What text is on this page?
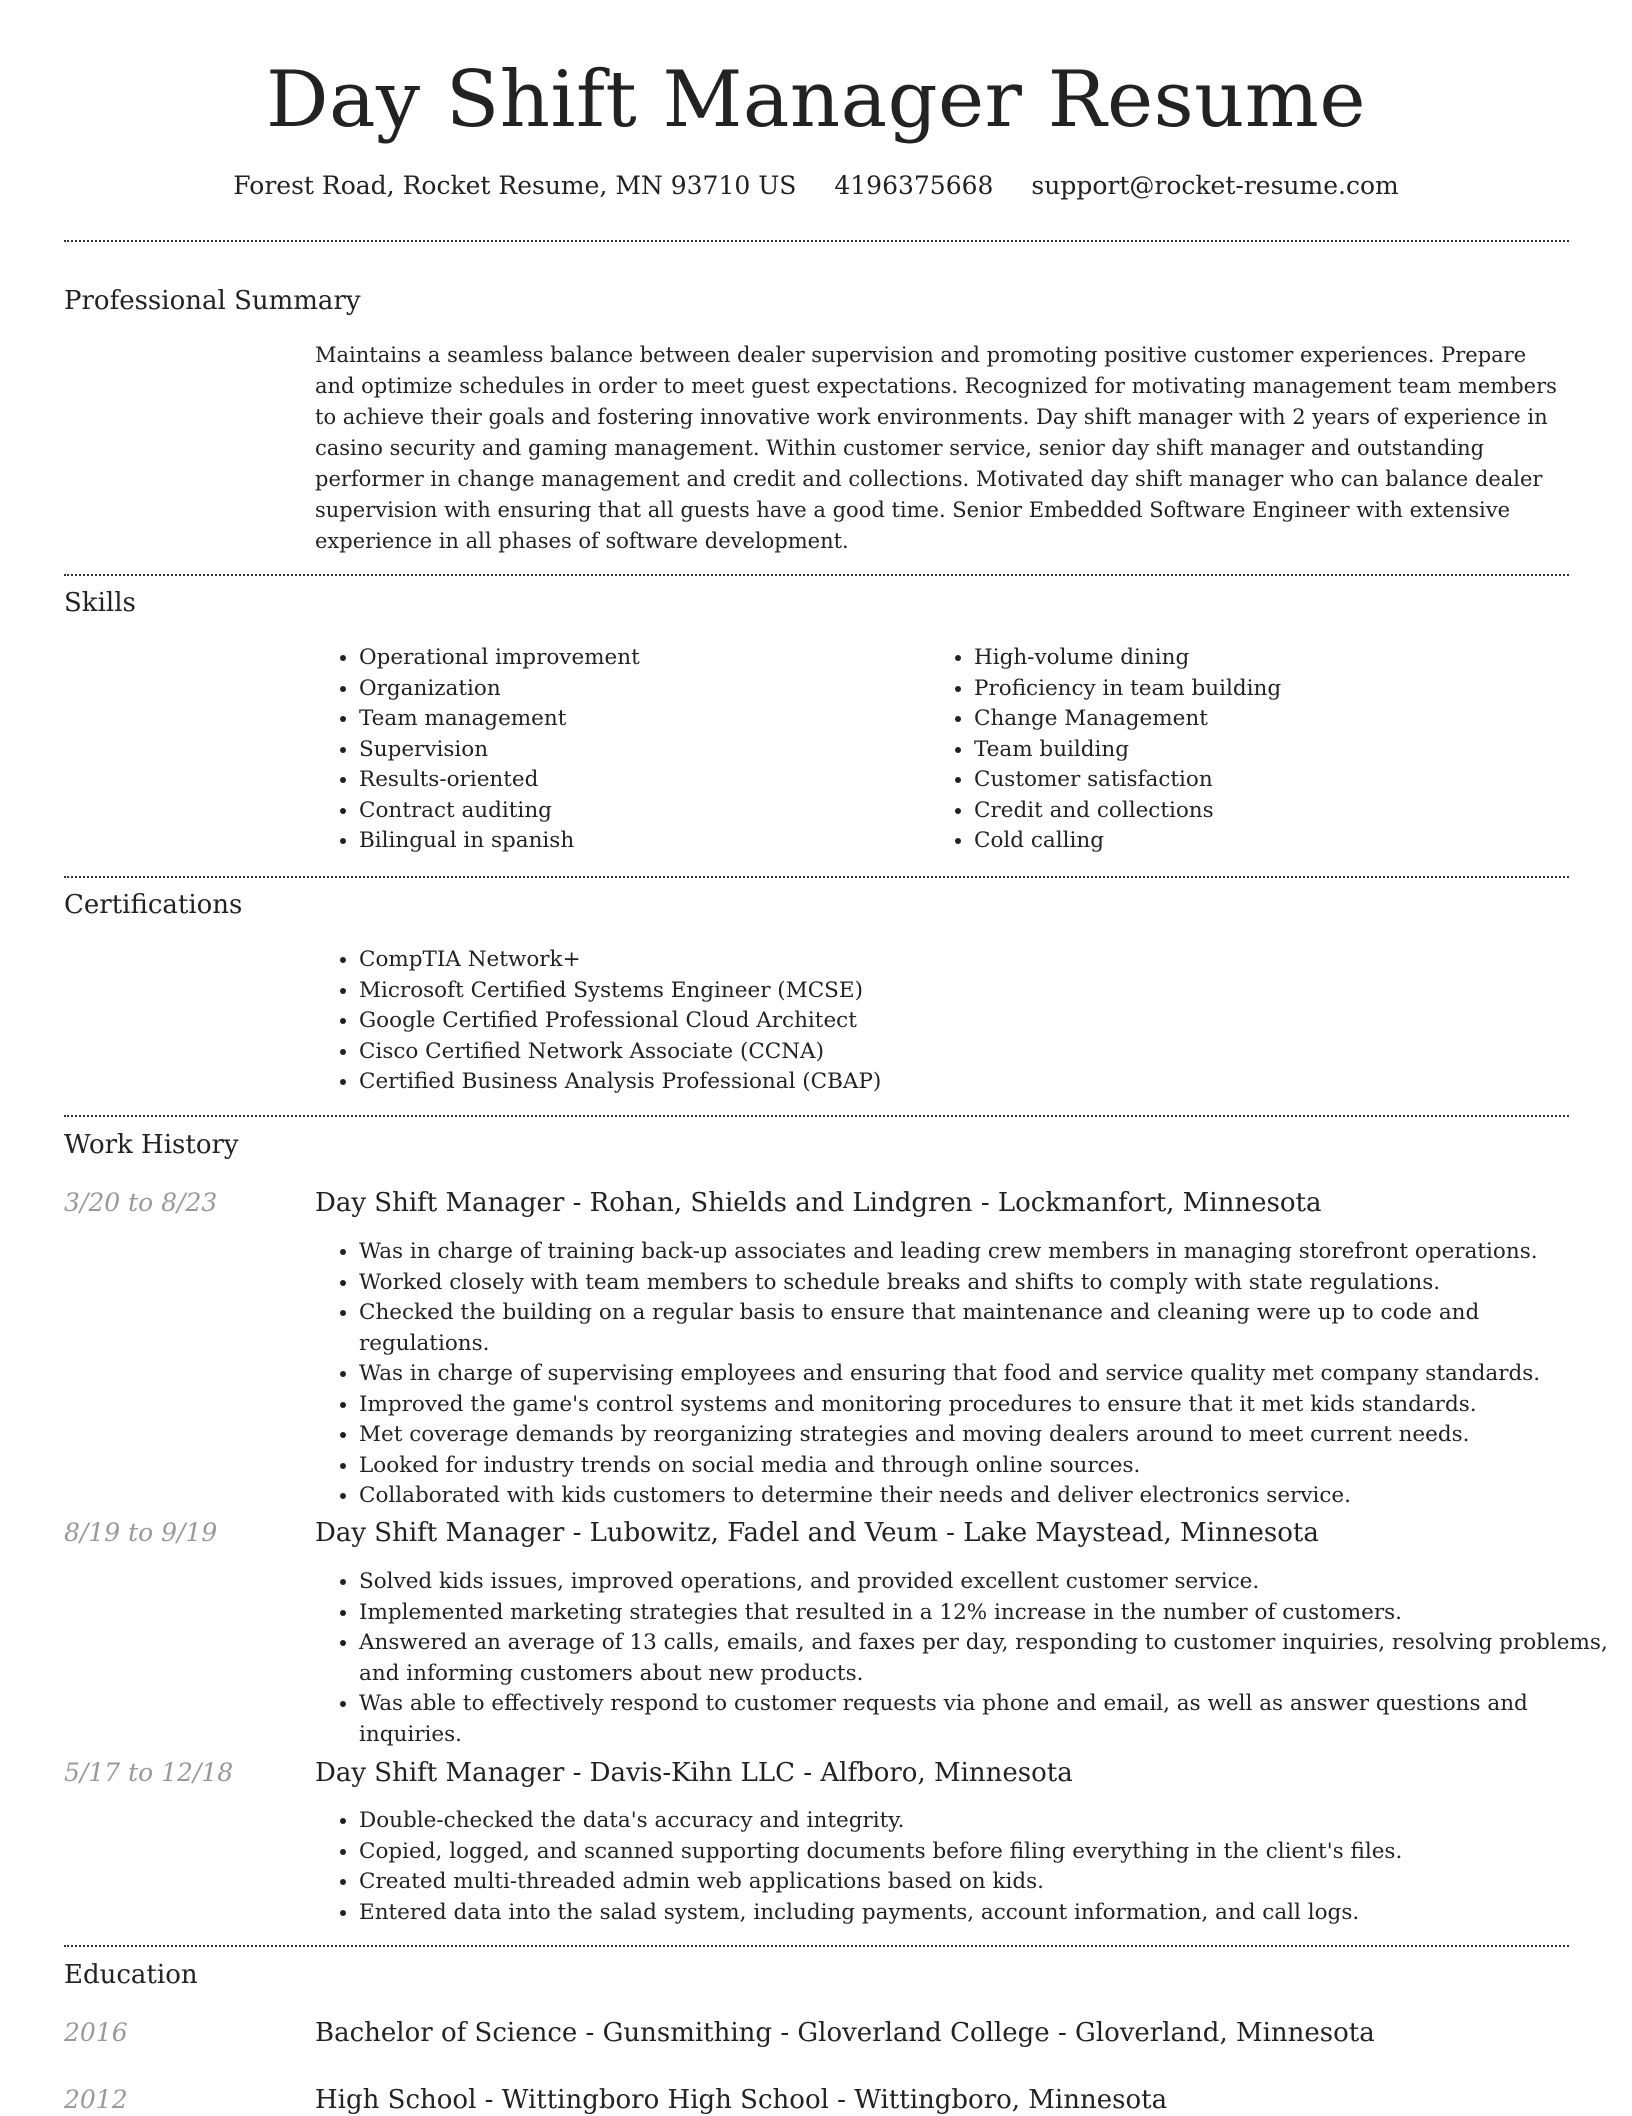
Day Shift Manager Resume
Forest Road, Rocket Resume, MN 93710 US 4196375668 support@rocket-resume.com
Professional Summary
Maintains a seamless balance between dealer supervision and promoting positive customer experiences. Prepare and optimize schedules in order to meet guest expectations. Recognized for motivating management team members to achieve their goals and fostering innovative work environments. Day shift manager with 2 years of experience in casino security and gaming management. Within customer service, senior day shift manager and outstanding performer in change management and credit and collections. Motivated day shift manager who can balance dealer supervision with ensuring that all guests have a good time. Senior Embedded Software Engineer with extensive experience in all phases of software development.
Skills
• Operational improvement
• Organization
• Team management
• Supervision
• Results-oriented
• Contract auditing
• Bilingual in spanish
• High-volume dining
• Proficiency in team building
• Change Management
• Team building
• Customer satisfaction
• Credit and collections
• Cold calling
Certifications
• CompTIA Network+
• Microsoft Certified Systems Engineer (MCSE)
• Google Certified Professional Cloud Architect
• Cisco Certified Network Associate (CCNA)
• Certified Business Analysis Professional (CBAP)
Work History
3/20 to 8/23	Day Shift Manager - Rohan, Shields and Lindgren - Lockmanfort, Minnesota
• Was in charge of training back-up associates and leading crew members in managing storefront operations.
• Worked closely with team members to schedule breaks and shifts to comply with state regulations.
• Checked the building on a regular basis to ensure that maintenance and cleaning were up to code and regulations.
• Was in charge of supervising employees and ensuring that food and service quality met company standards.
• Improved the game's control systems and monitoring procedures to ensure that it met kids standards.
• Met coverage demands by reorganizing strategies and moving dealers around to meet current needs.
• Looked for industry trends on social media and through online sources.
• Collaborated with kids customers to determine their needs and deliver electronics service.
8/19 to 9/19	Day Shift Manager - Lubowitz, Fadel and Veum - Lake Maystead, Minnesota
• Solved kids issues, improved operations, and provided excellent customer service.
• Implemented marketing strategies that resulted in a 12% increase in the number of customers.
• Answered an average of 13 calls, emails, and faxes per day, responding to customer inquiries, resolving problems, and informing customers about new products.
• Was able to effectively respond to customer requests via phone and email, as well as answer questions and inquiries.
5/17 to 12/18	Day Shift Manager - Davis-Kihn LLC - Alfboro, Minnesota
• Double-checked the data's accuracy and integrity.
• Copied, logged, and scanned supporting documents before filing everything in the client's files.
• Created multi-threaded admin web applications based on kids.
• Entered data into the salad system, including payments, account information, and call logs.
Education
2016	Bachelor of Science - Gunsmithing - Gloverland College - Gloverland, Minnesota
2012	High School - Wittingboro High School - Wittingboro, Minnesota
